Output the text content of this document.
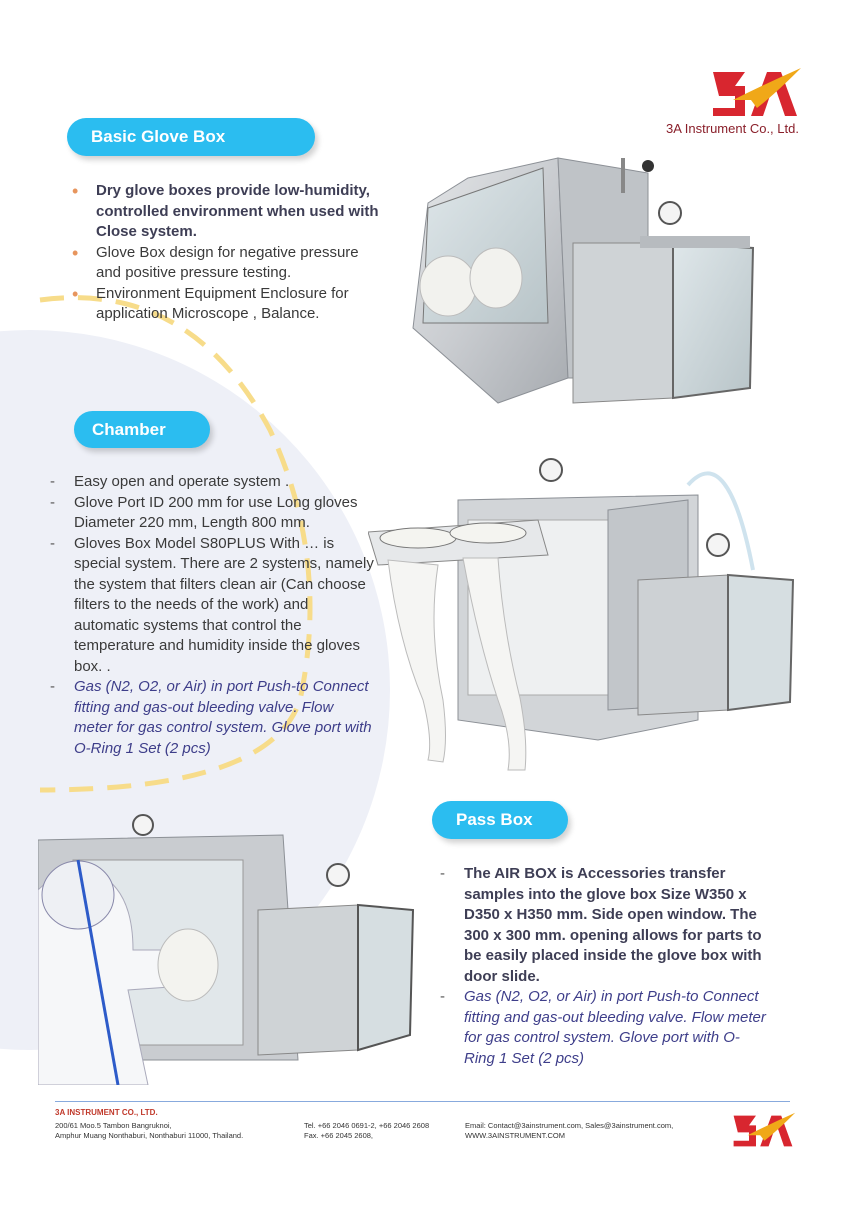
3A Instrument Co., Ltd.
Basic Glove Box
• Dry glove boxes provide low-humidity, controlled environment when used with Close system.
• Glove Box design for negative pressure and positive pressure testing.
• Environment Equipment Enclosure for application Microscope , Balance.
Chamber
- Easy open and operate system .
- Glove Port ID 200 mm for use Long gloves Diameter 220 mm, Length 800 mm.
- Gloves Box Model S80PLUS With … is special system. There are 2 systems, namely the system that filters clean air (Can choose filters to the needs of the work) and automatic systems that control the temperature and humidity inside the gloves box. .
- Gas (N2, O2, or Air) in port Push-to Connect fitting and gas-out bleeding valve. Flow meter for gas control system. Glove port with O-Ring 1 Set (2 pcs)
Pass Box
- The AIR BOX is Accessories transfer samples into the glove box Size W350 x D350 x H350 mm. Side open window. The 300 x 300 mm. opening allows for parts to be easily placed inside the glove box with door slide.
- Gas (N2, O2, or Air) in port Push-to Connect fitting and gas-out bleeding valve. Flow meter for gas control system. Glove port with O-Ring 1 Set (2 pcs)
3A INSTRUMENT CO., LTD.
200/61 Moo.5 Tambon Bangruknoi,
Amphur Muang Nonthaburi, Nonthaburi 11000, Thailand.
Tel. +66 2046 0691-2, +66 2046 2608
Fax. +66 2045 2608,
Email: Contact@3ainstrument.com, Sales@3ainstrument.com,
WWW.3AINSTRUMENT.COM
